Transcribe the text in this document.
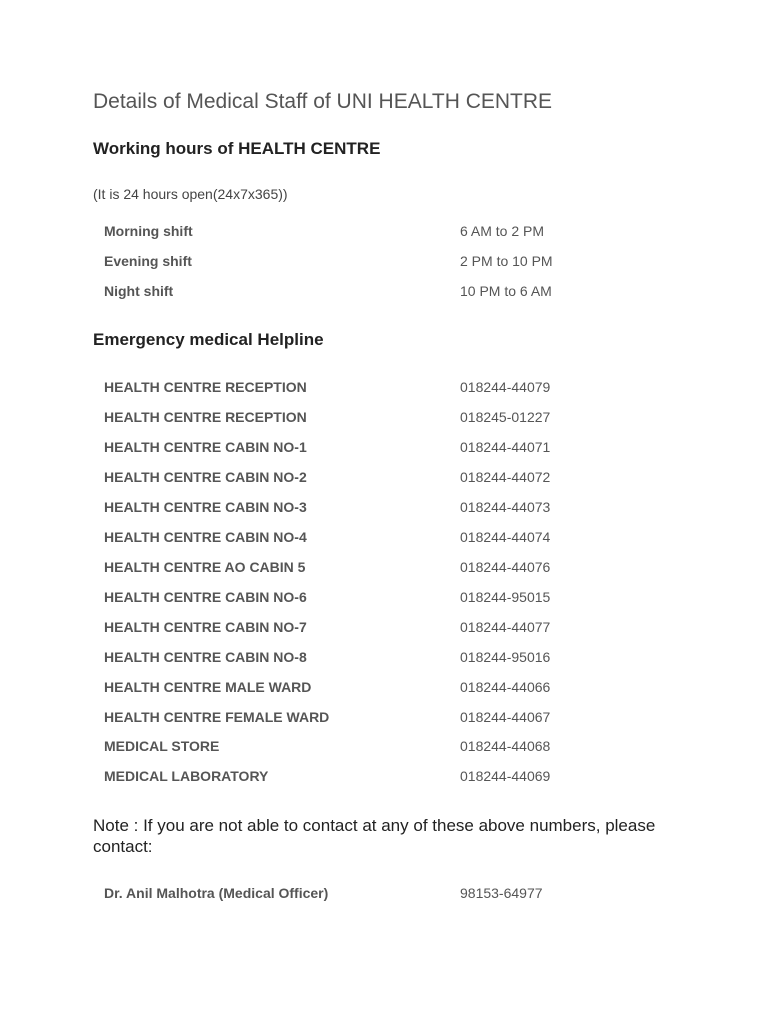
Details of Medical Staff of UNI HEALTH CENTRE
Working hours of HEALTH CENTRE
(It is 24 hours open(24x7x365))
Morning shift	6 AM to 2 PM
Evening shift	2 PM to 10 PM
Night shift	10 PM to 6 AM
Emergency medical Helpline
HEALTH CENTRE RECEPTION	018244-44079
HEALTH CENTRE RECEPTION	018245-01227
HEALTH CENTRE CABIN NO-1	018244-44071
HEALTH CENTRE CABIN NO-2	018244-44072
HEALTH CENTRE CABIN NO-3	018244-44073
HEALTH CENTRE CABIN NO-4	018244-44074
HEALTH CENTRE AO CABIN 5	018244-44076
HEALTH CENTRE CABIN NO-6	018244-95015
HEALTH CENTRE CABIN NO-7	018244-44077
HEALTH CENTRE CABIN NO-8	018244-95016
HEALTH CENTRE MALE WARD	018244-44066
HEALTH CENTRE FEMALE WARD	018244-44067
MEDICAL STORE	018244-44068
MEDICAL LABORATORY	018244-44069
Note : If you are not able to contact at any of these above numbers, please contact:
Dr. Anil Malhotra (Medical Officer)	98153-64977
